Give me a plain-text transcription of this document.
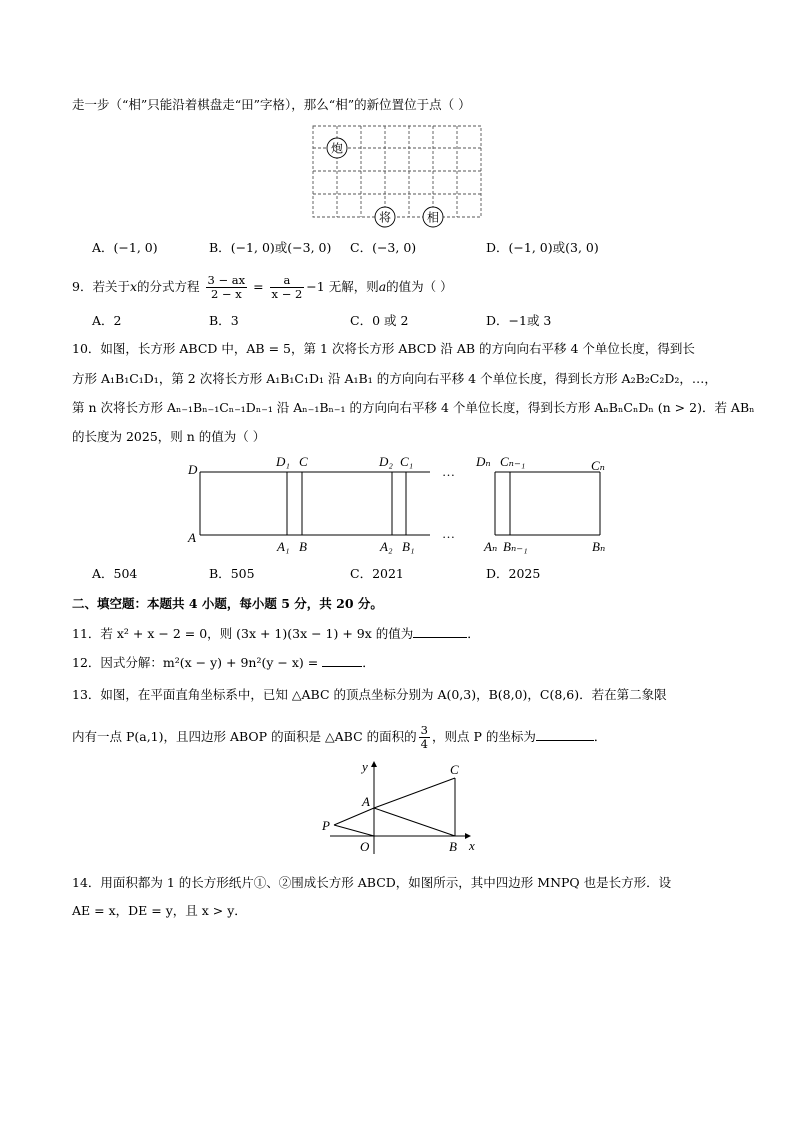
走一步（“相”只能沿着棋盘走“田”字格），那么“相”的新位置位于点（ ）
炮
将	相
A．(−1, 0)	B．(−1, 0)或(−3, 0) C．(−3, 0)	D．(−1, 0)或(3, 0)
9．若关于x的分式方程 $\frac{3 - ax}{2 - x} = \frac{a}{x - 2} -1$ 无解，则a的值为（ ）
A．2	B．3	C．0 或 2	D．−1或 3
10．如图，长方形 ABCD 中，AB = 5，第 1 次将长方形 ABCD 沿 AB 的方向向右平移 4 个单位长度，得到长
方形 A₁B₁C₁D₁，第 2 次将长方形 A₁B₁C₁D₁ 沿 A₁B₁ 的方向向右平移 4 个单位长度，得到长方形 A₂B₂C₂D₂，…，
第 n 次将长方形 Aₙ₋₁Bₙ₋₁Cₙ₋₁Dₙ₋₁ 沿 Aₙ₋₁Bₙ₋₁ 的方向向右平移 4 个单位长度，得到长方形 AₙBₙCₙDₙ (n > 2)．若 ABₙ
的长度为 2025，则 n 的值为（ ）
D
D₁ C	D₂ C₁	Dₙ Cₙ₋₁	Cₙ
A
A₁ B	A₂ B₁	Aₙ Bₙ₋₁	Bₙ
…
…
A．504	B．505	C．2021	D．2025
二、填空题：本题共 4 小题，每小题 5 分，共 20 分。
11．若 x² + x − 2 = 0，则 (3x + 1)(3x − 1) + 9x 的值为	．
12．因式分解：m²(x − y) + 9n²(y − x) =	．
13．如图，在平面直角坐标系中，已知 △ABC 的顶点坐标分别为 A(0,3)，B(8,0)，C(8,6)．若在第二象限
内有一点 P(a,1)，且四边形 ABOP 的面积是 △ABC 的面积的 $\frac{3}{4}$ ，则点 P 的坐标为	．
y
x
C
A
P
O	B
14．用面积都为 1 的长方形纸片①、②围成长方形 ABCD，如图所示，其中四边形 MNPQ 也是长方形．设
AE = x，DE = y，且 x > y．
